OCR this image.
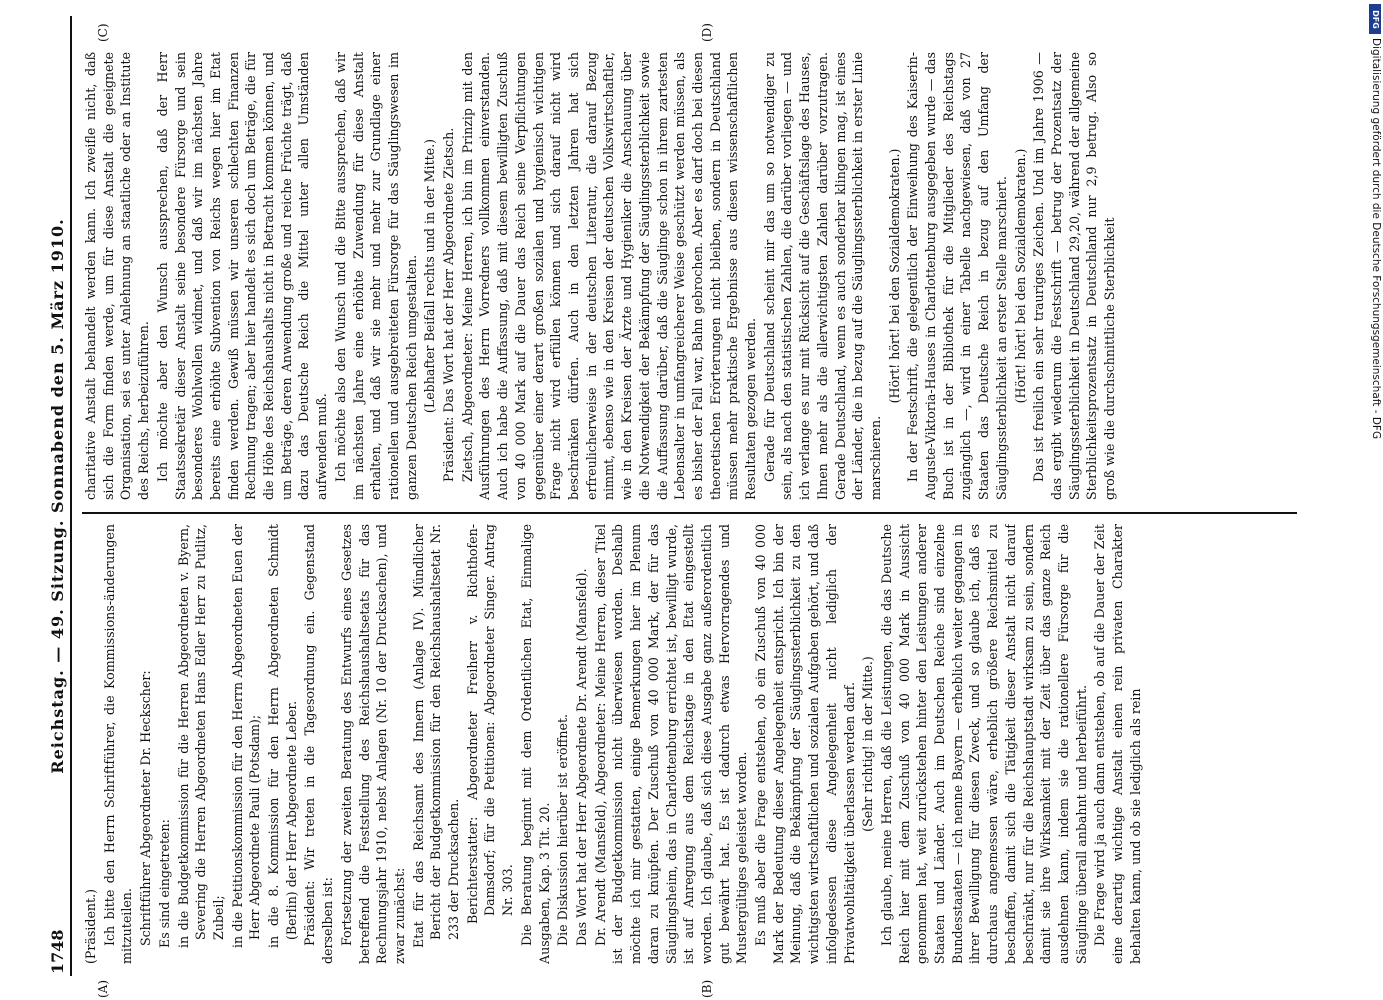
1748
Reichstag. — 49. Sitzung. Sonnabend den 5. März 1910.
(A)	(B)
(C)	(D)

(Präsident.) Ich bitte den Herrn Schriftführer, die Kommissions-änderungen mitzuteilen. Schriftführer Abgeordneter Dr. Heckscher: Es sind eingetreten: in die Budgetkommission für die Herren Abgeordneten v. Byern, Severing die Herren Abgeordneten Hans Edler Herr zu Putlitz, Zubeil; in die Petitionskommission für den Herrn Abgeordneten Euen der Herr Abgeordnete Pauli (Potsdam); in die 8. Kommission für den Herrn Abgeordneten Schmidt (Berlin) der Herr Abgeordnete Leber. Präsident: Wir treten in die Tagesordnung ein. Gegenstand derselben ist: Fortsetzung der zweiten Beratung des Entwurfs eines Gesetzes betreffend die Feststellung des Reichshaushaltsetats für das Rechnungsjahr 1910, nebst Anlagen (Nr. 10 der Drucksachen), und zwar zunächst: Etat für das Reichsamt des Innern (Anlage IV). Mündlicher Bericht der Budgetkommission für den Reichshaushaltsetat Nr. 233 der Drucksachen. Berichterstatter: Abgeordneter Freiherr v. Richthofen-Damsdorf; für die Petitionen: Abgeordneter Singer. Antrag Nr. 303. Die Beratung beginnt mit dem Ordentlichen Etat, Einmalige Ausgaben, Kap. 3 Tit. 20. Die Diskussion hierüber ist eröffnet. Das Wort hat der Herr Abgeordnete Dr. Arendt (Mansfeld). Dr. Arendt (Mansfeld), Abgeordneter: Meine Herren, dieser Titel ist der Budgetkommission nicht überwiesen worden. Deshalb möchte ich mir gestatten, einige Bemerkungen hier im Plenum daran zu knüpfen. Der Zuschuß von 40 000 Mark, der für das Säuglingsheim, das in Charlottenburg errichtet ist, bewilligt wurde, ist auf Anregung aus dem Reichstage in den Etat eingestellt worden. Ich glaube, daß sich diese Ausgabe ganz außerordentlich gut bewährt hat. Es ist dadurch etwas Hervorragendes und Mustergültiges geleistet worden. Es muß aber die Frage entstehen, ob ein Zuschuß von 40 000 Mark der Bedeutung dieser Angelegenheit entspricht. Ich bin der Meinung, daß die Bekämpfung der Säuglingssterblichkeit zu den wichtigsten wirtschaftlichen und sozialen Aufgaben gehört, und daß infolgedessen diese Angelegenheit nicht lediglich der Privatwohltätigkeit überlassen werden darf. (Sehr richtig! in der Mitte.) Ich glaube, meine Herren, daß die Leistungen, die das Deutsche Reich hier mit dem Zuschuß von 40 000 Mark in Aussicht genommen hat, weit zurückstehen hinter den Leistungen anderer Staaten und Länder. Auch im Deutschen Reiche sind einzelne Bundesstaaten — ich nenne Bayern — erheblich weiter gegangen in ihrer Bewilligung für diesen Zweck, und so glaube ich, daß es durchaus angemessen wäre, erheblich größere Reichsmittel zu beschaffen, damit sich die Tätigkeit dieser Anstalt nicht darauf beschränkt, nur für die Reichshauptstadt wirksam zu sein, sondern damit sie ihre Wirksamkeit mit der Zeit über das ganze Reich ausdehnen kann, indem sie die rationellere Fürsorge für die Säuglinge überall anbahnt und herbeiführt. Die Frage wird ja auch dann entstehen, ob auf die Dauer der Zeit eine derartig wichtige Anstalt einen rein privaten Charakter behalten kann, und ob sie lediglich als rein

charitative Anstalt behandelt werden kann. Ich zweifle nicht, daß sich die Form finden werde, um für diese Anstalt die geeignete Organisation, sei es unter Anlehnung an staatliche oder an Institute des Reichs, herbeizuführen. Ich möchte aber den Wunsch aussprechen, daß der Herr Staatssekretär dieser Anstalt seine besondere Fürsorge und sein besonderes Wohlwollen widmet, und daß wir im nächsten Jahre bereits eine erhöhte Subvention von Reichs wegen hier im Etat finden werden. Gewiß müssen wir unseren schlechten Finanzen Rechnung tragen; aber hier handelt es sich doch um Beträge, die für die Höhe des Reichshaushalts nicht in Betracht kommen können, und um Beträge, deren Anwendung große und reiche Früchte trägt, daß dazu das Deutsche Reich die Mittel unter allen Umständen aufwenden muß. Ich möchte also den Wunsch und die Bitte aussprechen, daß wir im nächsten Jahre eine erhöhte Zuwendung für diese Anstalt erhalten, und daß wir sie mehr und mehr zur Grundlage einer rationellen und ausgebreiteten Fürsorge für das Säuglingswesen im ganzen Deutschen Reich umgestalten. (Lebhafter Beifall rechts und in der Mitte.) Präsident: Das Wort hat der Herr Abgeordnete Zietsch. Zietsch, Abgeordneter: Meine Herren, ich bin im Prinzip mit den Ausführungen des Herrn Vorredners vollkommen einverstanden. Auch ich habe die Auffassung, daß mit diesem bewilligten Zuschuß von 40 000 Mark auf die Dauer das Reich seine Verpflichtungen gegenüber einer derart großen sozialen und hygienisch wichtigen Frage nicht wird erfüllen können und sich darauf nicht wird beschränken dürfen. Auch in den letzten Jahren hat sich erfreulicherweise in der deutschen Literatur, die darauf Bezug nimmt, ebenso wie in den Kreisen der deutschen Volkswirtschaftler, wie in den Kreisen der Ärzte und Hygieniker die Anschauung über die Notwendigkeit der Bekämpfung der Säuglingssterblichkeit sowie die Auffassung darüber, daß die Säuglinge schon in ihrem zartesten Lebensalter in umfangreicherer Weise geschützt werden müssen, als es bisher der Fall war, Bahn gebrochen. Aber es darf doch bei diesen theoretischen Erörterungen nicht bleiben, sondern in Deutschland müssen mehr praktische Ergebnisse aus diesen wissenschaftlichen Resultaten gezogen werden. Gerade für Deutschland scheint mir das um so notwendiger zu sein, als nach den statistischen Zahlen, die darüber vorliegen — und ich verlange es nur mit Rücksicht auf die Geschäftslage des Hauses, Ihnen mehr als die allerwichtigsten Zahlen darüber vorzutragen. Gerade Deutschland, wenn es auch sonderbar klingen mag, ist eines der Länder, die in bezug auf die Säuglingssterblichkeit in erster Linie marschieren.

(Hört! hört! bei den Sozialdemokraten.) In der Festschrift, die gelegentlich der Einweihung des Kaiserin-Auguste-Viktoria-Hauses in Charlottenburg ausgegeben wurde — das Buch ist in der Bibliothek für die Mitglieder des Reichstags zugänglich —, wird in einer Tabelle nachgewiesen, daß von 27 Staaten das Deutsche Reich in bezug auf den Umfang der Säuglingssterblichkeit an erster Stelle marschiert. (Hört! hört! bei den Sozialdemokraten.) Das ist freilich ein sehr trauriges Zeichen. Und im Jahre 1906 — das ergibt wiederum die Festschrift — betrug der Prozentsatz der Säuglingssterblichkeit in Deutschland 29,20, während der allgemeine Sterblichkeitsprozentsatz in Deutschland nur 2,9 betrug. Also so groß wie die durchschnittliche Sterblichkeit

DFG
Digitalisierung gefördert durch die Deutsche Forschungsgemeinschaft - DFG
